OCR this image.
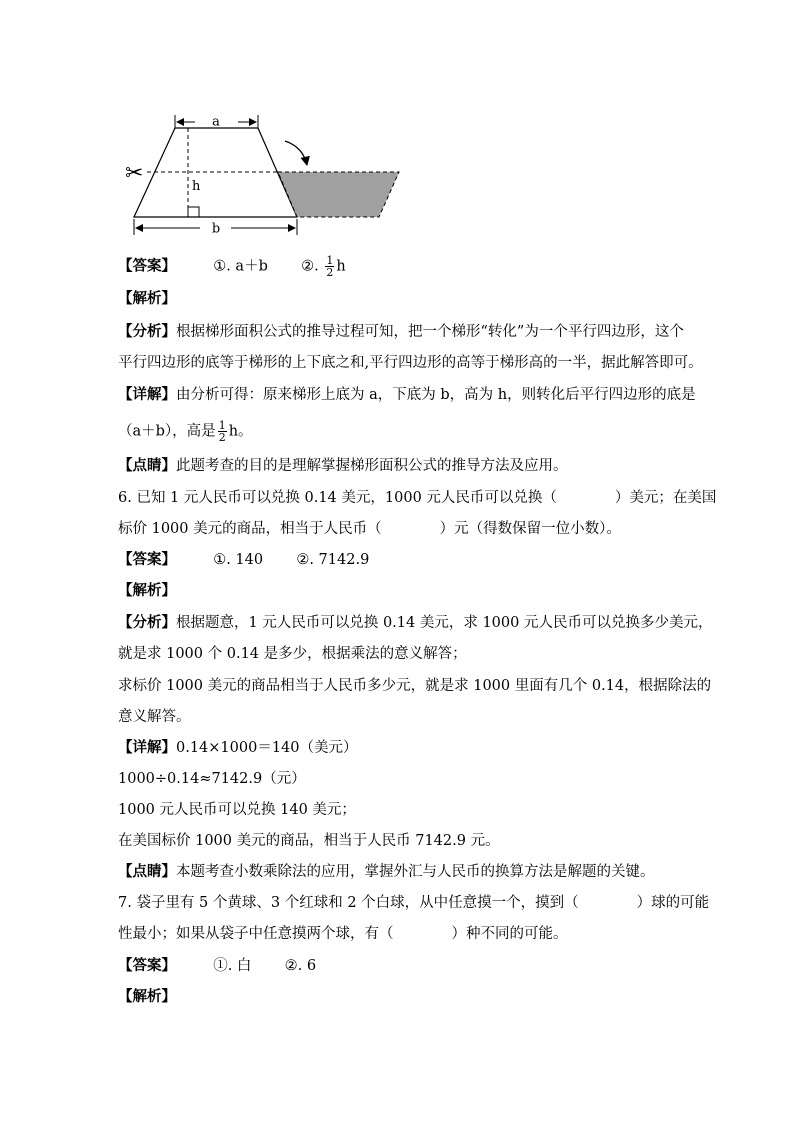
a
h
✂
b
【答案】	①. a＋b ②. $\frac{1}{2}$ h
【解析】
【分析】根据梯形面积公式的推导过程可知，把一个梯形“转化”为一个平行四边形，这个
平行四边形的底等于梯形的上下底之和,平行四边形的高等于梯形高的一半，据此解答即可。
【详解】由分析可得：原来梯形上底为 a，下底为 b，高为 h，则转化后平行四边形的底是
（a＋b），高是 $\frac{1}{2}$ h。
【点睛】此题考查的目的是理解掌握梯形面积公式的推导方法及应用。
6. 已知 1 元人民币可以兑换 0.14 美元，1000 元人民币可以兑换（　　　　）美元；在美国
标价 1000 美元的商品，相当于人民币（　　　　）元（得数保留一位小数）。
【答案】	①. 140 ②. 7142.9
【解析】
【分析】根据题意，1 元人民币可以兑换 0.14 美元，求 1000 元人民币可以兑换多少美元，
就是求 1000 个 0.14 是多少，根据乘法的意义解答；
求标价 1000 美元的商品相当于人民币多少元，就是求 1000 里面有几个 0.14，根据除法的
意义解答。
【详解】0.14×1000＝140（美元）
1000÷0.14≈7142.9（元）
1000 元人民币可以兑换 140 美元；
在美国标价 1000 美元的商品，相当于人民币 7142.9 元。
【点睛】本题考查小数乘除法的应用，掌握外汇与人民币的换算方法是解题的关键。
7. 袋子里有 5 个黄球、3 个红球和 2 个白球，从中任意摸一个，摸到（　　　　）球的可能
性最小；如果从袋子中任意摸两个球，有（　　　　）种不同的可能。
【答案】	①. 白 ②. 6
【解析】
